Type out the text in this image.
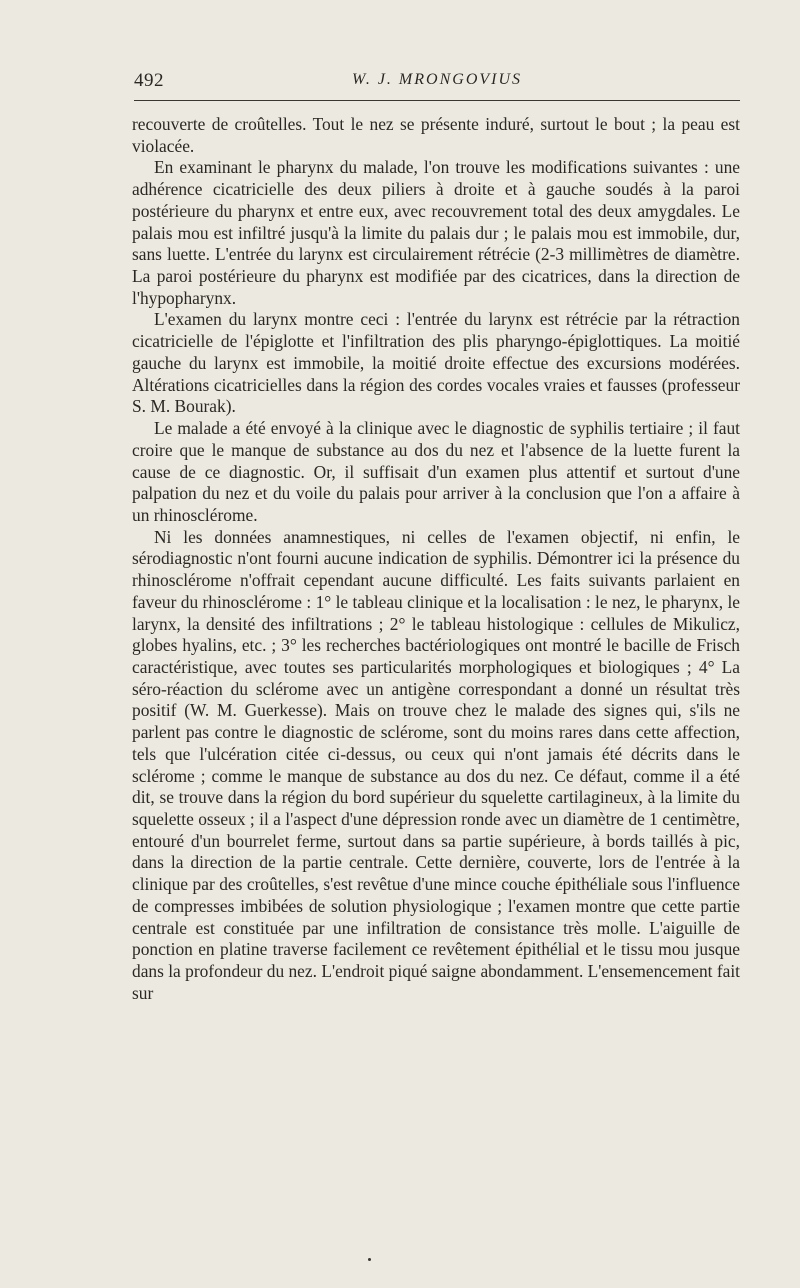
492	W. J. MRONGOVIUS

recouverte de croûtelles. Tout le nez se présente induré, surtout le bout ; la peau est violacée.

En examinant le pharynx du malade, l'on trouve les modifications suivantes : une adhérence cicatricielle des deux piliers à droite et à gauche soudés à la paroi postérieure du pharynx et entre eux, avec recouvrement total des deux amygdales. Le palais mou est infiltré jusqu'à la limite du palais dur ; le palais mou est immobile, dur, sans luette. L'entrée du larynx est circulairement rétrécie (2-3 millimètres de diamètre. La paroi postérieure du pharynx est modifiée par des cicatrices, dans la direction de l'hypopharynx.

L'examen du larynx montre ceci : l'entrée du larynx est rétrécie par la rétraction cicatricielle de l'épiglotte et l'infiltration des plis pharyngo-épiglottiques. La moitié gauche du larynx est immobile, la moitié droite effectue des excursions modérées. Altérations cicatricielles dans la région des cordes vocales vraies et fausses (professeur S. M. Bourak).

Le malade a été envoyé à la clinique avec le diagnostic de syphilis tertiaire ; il faut croire que le manque de substance au dos du nez et l'absence de la luette furent la cause de ce diagnostic. Or, il suffisait d'un examen plus attentif et surtout d'une palpation du nez et du voile du palais pour arriver à la conclusion que l'on a affaire à un rhinosclérome.

Ni les données anamnestiques, ni celles de l'examen objectif, ni enfin, le sérodiagnostic n'ont fourni aucune indication de syphilis. Démontrer ici la présence du rhinosclérome n'offrait cependant aucune difficulté. Les faits suivants parlaient en faveur du rhinosclérome : 1° le tableau clinique et la localisation : le nez, le pharynx, le larynx, la densité des infiltrations ; 2° le tableau histologique : cellules de Mikulicz, globes hyalins, etc. ; 3° les recherches bactériologiques ont montré le bacille de Frisch caractéristique, avec toutes ses particularités morphologiques et biologiques ; 4° La séro-réaction du sclérome avec un antigène correspondant a donné un résultat très positif (W. M. Guerkesse). Mais on trouve chez le malade des signes qui, s'ils ne parlent pas contre le diagnostic de sclérome, sont du moins rares dans cette affection, tels que l'ulcération citée ci-dessus, ou ceux qui n'ont jamais été décrits dans le sclérome ; comme le manque de substance au dos du nez. Ce défaut, comme il a été dit, se trouve dans la région du bord supérieur du squelette cartilagineux, à la limite du squelette osseux ; il a l'aspect d'une dépression ronde avec un diamètre de 1 centimètre, entouré d'un bourrelet ferme, surtout dans sa partie supérieure, à bords taillés à pic, dans la direction de la partie centrale. Cette dernière, couverte, lors de l'entrée à la clinique par des croûtelles, s'est revêtue d'une mince couche épithéliale sous l'influence de compresses imbibées de solution physiologique ; l'examen montre que cette partie centrale est constituée par une infiltration de consistance très molle. L'aiguille de ponction en platine traverse facilement ce revêtement épithélial et le tissu mou jusque dans la profondeur du nez. L'endroit piqué saigne abondamment. L'ensemencement fait sur
